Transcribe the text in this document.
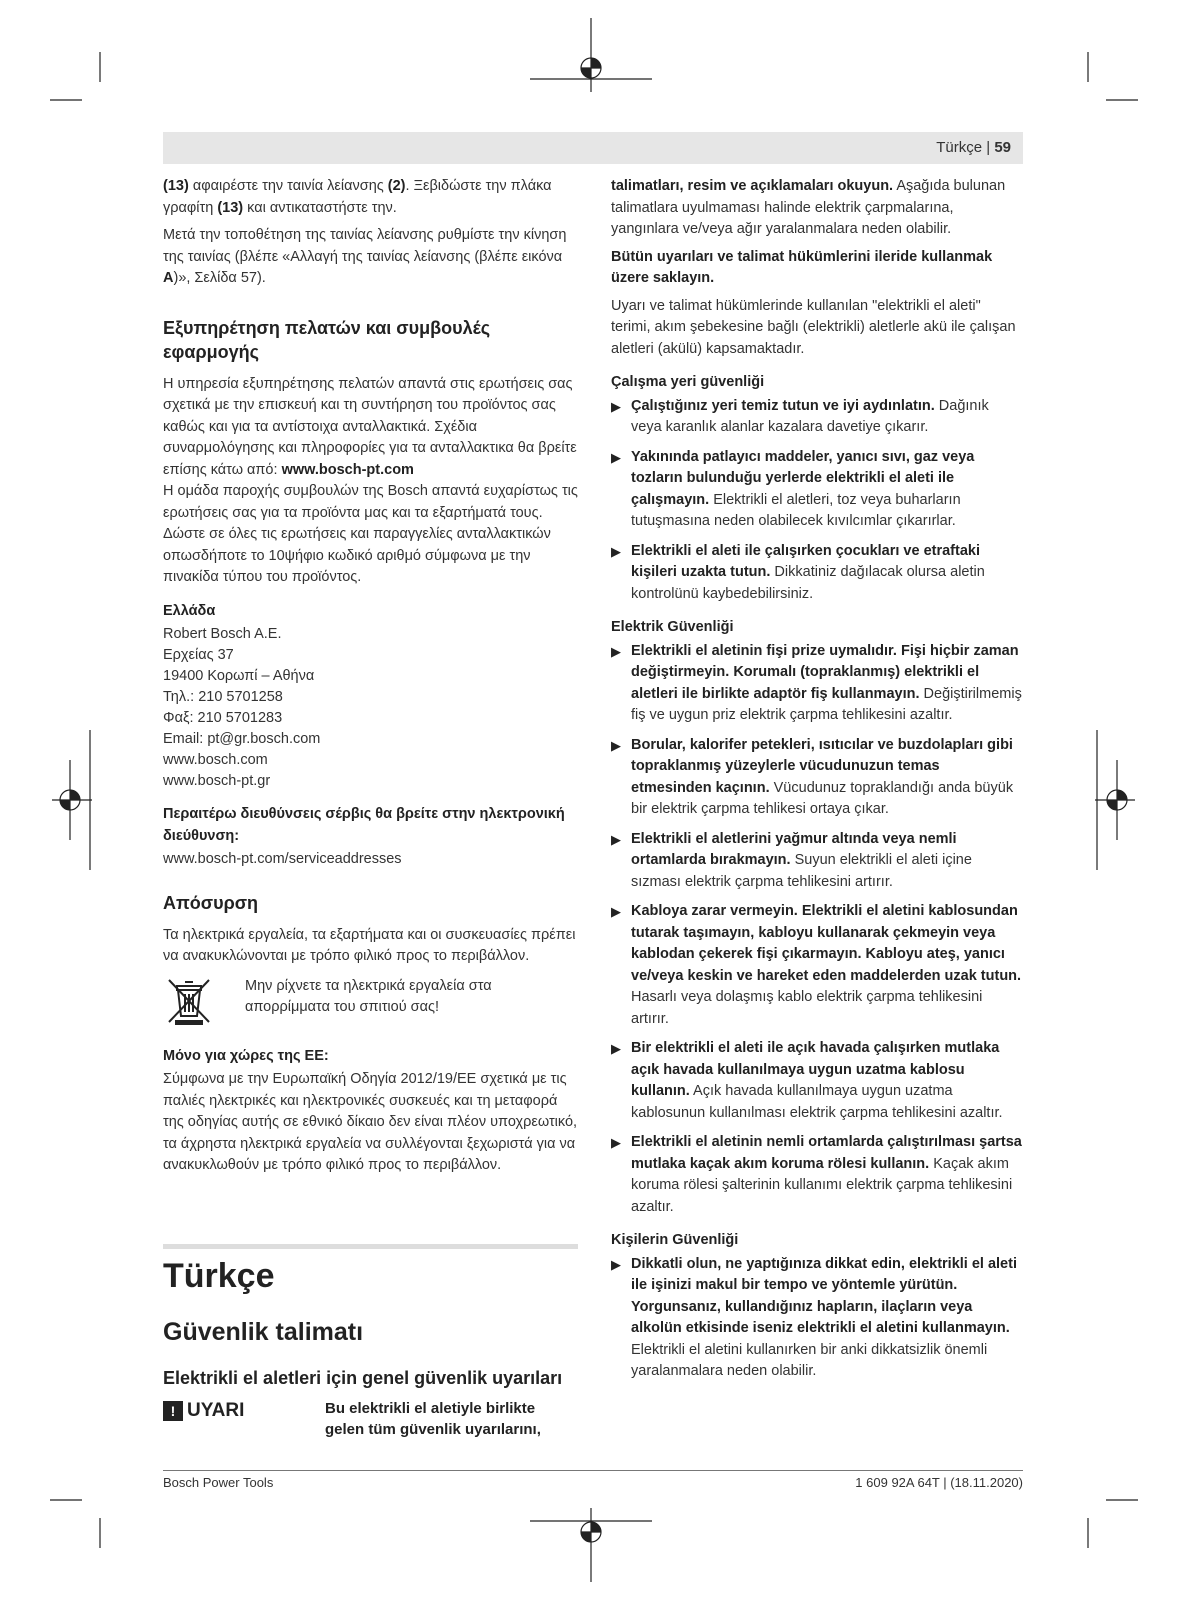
Türkçe | 59

(13) αφαιρέστε την ταινία λείανσης (2). Ξεβιδώστε την πλάκα γραφίτη (13) και αντικαταστήστε την.

Μετά την τοποθέτηση της ταινίας λείανσης ρυθμίστε την κίνηση της ταινίας (βλέπε «Αλλαγή της ταινίας λείανσης (βλέπε εικόνα A)», Σελίδα 57).

Εξυπηρέτηση πελατών και συμβουλές εφαρμογής

Η υπηρεσία εξυπηρέτησης πελατών απαντά στις ερωτήσεις σας σχετικά με την επισκευή και τη συντήρηση του προϊόντος σας καθώς και για τα αντίστοιχα ανταλλακτικά. Σχέδια συναρμολόγησης και πληροφορίες για τα ανταλλακτικα θα βρείτε επίσης κάτω από: www.bosch-pt.com
Η ομάδα παροχής συμβουλών της Bosch απαντά ευχαρίστως τις ερωτήσεις σας για τα προϊόντα μας και τα εξαρτήματά τους.

Δώστε σε όλες τις ερωτήσεις και παραγγελίες ανταλλακτικών οπωσδήποτε το 10ψήφιο κωδικό αριθμό σύμφωνα με την πινακίδα τύπου του προϊόντος.

Ελλάδα
Robert Bosch A.E.
Ερχείας 37
19400 Κορωπί – Αθήνα
Τηλ.: 210 5701258
Φαξ: 210 5701283
Email: pt@gr.bosch.com
www.bosch.com
www.bosch-pt.gr
Περαιτέρω διευθύνσεις σέρβις θα βρείτε στην ηλεκτρονική διεύθυνση:
www.bosch-pt.com/serviceaddresses
Απόσυρση

Τα ηλεκτρικά εργαλεία, τα εξαρτήματα και οι συσκευασίες πρέπει να ανακυκλώνονται με τρόπο φιλικό προς το περιβάλλον.

Μην ρίχνετε τα ηλεκτρικά εργαλεία στα απορρίμματα του σπιτιού σας!
Μόνο για χώρες της ΕΕ:

Σύμφωνα με την Ευρωπαϊκή Οδηγία 2012/19/ΕΕ σχετικά με τις παλιές ηλεκτρικές και ηλεκτρονικές συσκευές και τη μεταφορά της οδηγίας αυτής σε εθνικό δίκαιο δεν είναι πλέον υποχρεωτικό, τα άχρηστα ηλεκτρικά εργαλεία να συλλέγονται ξεχωριστά για να ανακυκλωθούν με τρόπο φιλικό προς το περιβάλλον.

Türkçe
Güvenlik talimatı
Elektrikli el aletleri için genel güvenlik uyarıları
! UYARI	Bu elektrikli el aletiyle birlikte gelen tüm güvenlik uyarılarını,

talimatları, resim ve açıklamaları okuyun. Aşağıda bulunan talimatlara uyulmaması halinde elektrik çarpmalarına, yangınlara ve/veya ağır yaralanmalara neden olabilir.

Bütün uyarıları ve talimat hükümlerini ileride kullanmak üzere saklayın.

Uyarı ve talimat hükümlerinde kullanılan "elektrikli el aleti" terimi, akım şebekesine bağlı (elektrikli) aletlerle akü ile çalışan aletleri (akülü) kapsamaktadır.

Çalışma yeri güvenliği
▶ Çalıştığınız yeri temiz tutun ve iyi aydınlatın. Dağınık veya karanlık alanlar kazalara davetiye çıkarır.
▶ Yakınında patlayıcı maddeler, yanıcı sıvı, gaz veya tozların bulunduğu yerlerde elektrikli el aleti ile çalışmayın. Elektrikli el aletleri, toz veya buharların tutuşmasına neden olabilecek kıvılcımlar çıkarırlar.
▶ Elektrikli el aleti ile çalışırken çocukları ve etraftaki kişileri uzakta tutun. Dikkatiniz dağılacak olursa aletin kontrolünü kaybedebilirsiniz.
Elektrik Güvenliği
▶ Elektrikli el aletinin fişi prize uymalıdır. Fişi hiçbir zaman değiştirmeyin. Korumalı (topraklanmış) elektrikli el aletleri ile birlikte adaptör fiş kullanmayın. Değiştirilmemiş fiş ve uygun priz elektrik çarpma tehlikesini azaltır.
▶ Borular, kalorifer petekleri, ısıtıcılar ve buzdolapları gibi topraklanmış yüzeylerle vücudunuzun temas etmesinden kaçının. Vücudunuz topraklandığı anda büyük bir elektrik çarpma tehlikesi ortaya çıkar.
▶ Elektrikli el aletlerini yağmur altında veya nemli ortamlarda bırakmayın. Suyun elektrikli el aleti içine sızması elektrik çarpma tehlikesini artırır.
▶ Kabloya zarar vermeyin. Elektrikli el aletini kablosundan tutarak taşımayın, kabloyu kullanarak çekmeyin veya kablodan çekerek fişi çıkarmayın. Kabloyu ateş, yanıcı ve/veya keskin ve hareket eden maddelerden uzak tutun. Hasarlı veya dolaşmış kablo elektrik çarpma tehlikesini artırır.
▶ Bir elektrikli el aleti ile açık havada çalışırken mutlaka açık havada kullanılmaya uygun uzatma kablosu kullanın. Açık havada kullanılmaya uygun uzatma kablosunun kullanılması elektrik çarpma tehlikesini azaltır.
▶ Elektrikli el aletinin nemli ortamlarda çalıştırılması şartsa mutlaka kaçak akım koruma rölesi kullanın. Kaçak akım koruma rölesi şalterinin kullanımı elektrik çarpma tehlikesini azaltır.
Kişilerin Güvenliği
▶ Dikkatli olun, ne yaptığınıza dikkat edin, elektrikli el aleti ile işinizi makul bir tempo ve yöntemle yürütün. Yorgunsanız, kullandığınız hapların, ilaçların veya alkolün etkisinde iseniz elektrikli el aletini kullanmayın. Elektrikli el aletini kullanırken bir anki dikkatsizlik önemli yaralanmalara neden olabilir.
Bosch Power Tools	1 609 92A 64T | (18.11.2020)
